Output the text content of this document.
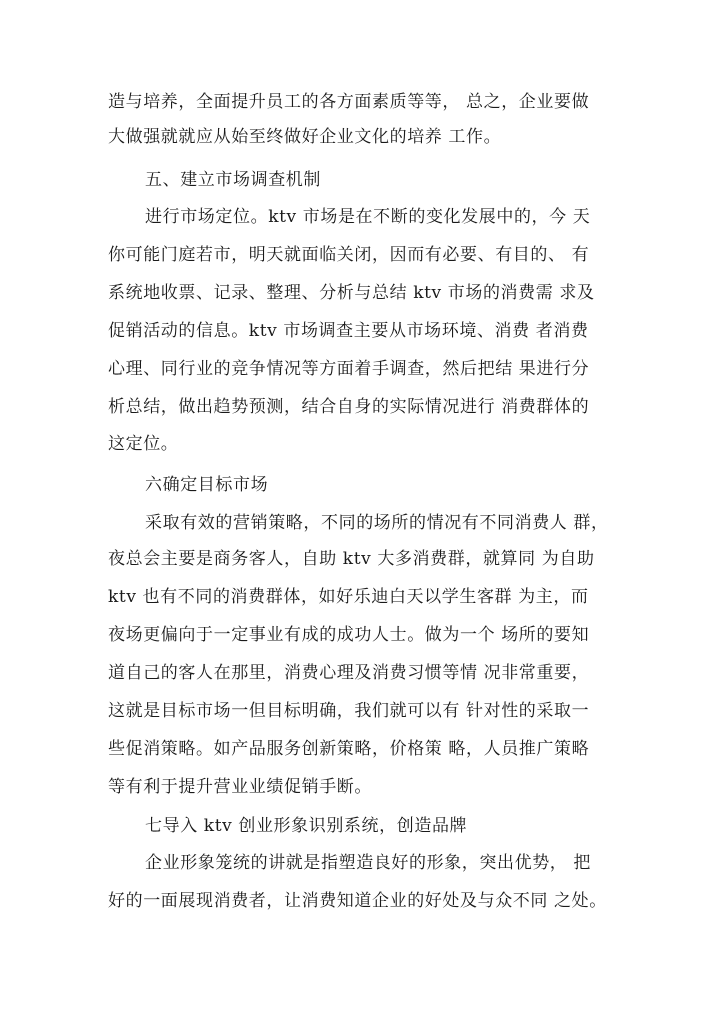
造与培养，全面提升员工的各方面素质等等， 总之，企业要做
大做强就就应从始至终做好企业文化的培养 工作。
五、建立市场调查机制
进行市场定位。ktv 市场是在不断的变化发展中的，今 天
你可能门庭若市，明天就面临关闭，因而有必要、有目的、 有
系统地收票、记录、整理、分析与总结 ktv 市场的消费需 求及
促销活动的信息。ktv 市场调查主要从市场环境、消费 者消费
心理、同行业的竞争情况等方面着手调查，然后把结 果进行分
析总结，做出趋势预测，结合自身的实际情况进行 消费群体的
这定位。
六确定目标市场
采取有效的营销策略，不同的场所的情况有不同消费人 群，
夜总会主要是商务客人，自助 ktv 大多消费群，就算同 为自助
ktv 也有不同的消费群体，如好乐迪白天以学生客群 为主，而
夜场更偏向于一定事业有成的成功人士。做为一个 场所的要知
道自己的客人在那里，消费心理及消费习惯等情 况非常重要，
这就是目标市场一但目标明确，我们就可以有 针对性的采取一
些促消策略。如产品服务创新策略，价格策 略，人员推广策略
等有利于提升营业业绩促销手断。
七导入 ktv 创业形象识别系统，创造品牌
企业形象笼统的讲就是指塑造良好的形象，突出优势， 把
好的一面展现消费者，让消费知道企业的好处及与众不同 之处。
